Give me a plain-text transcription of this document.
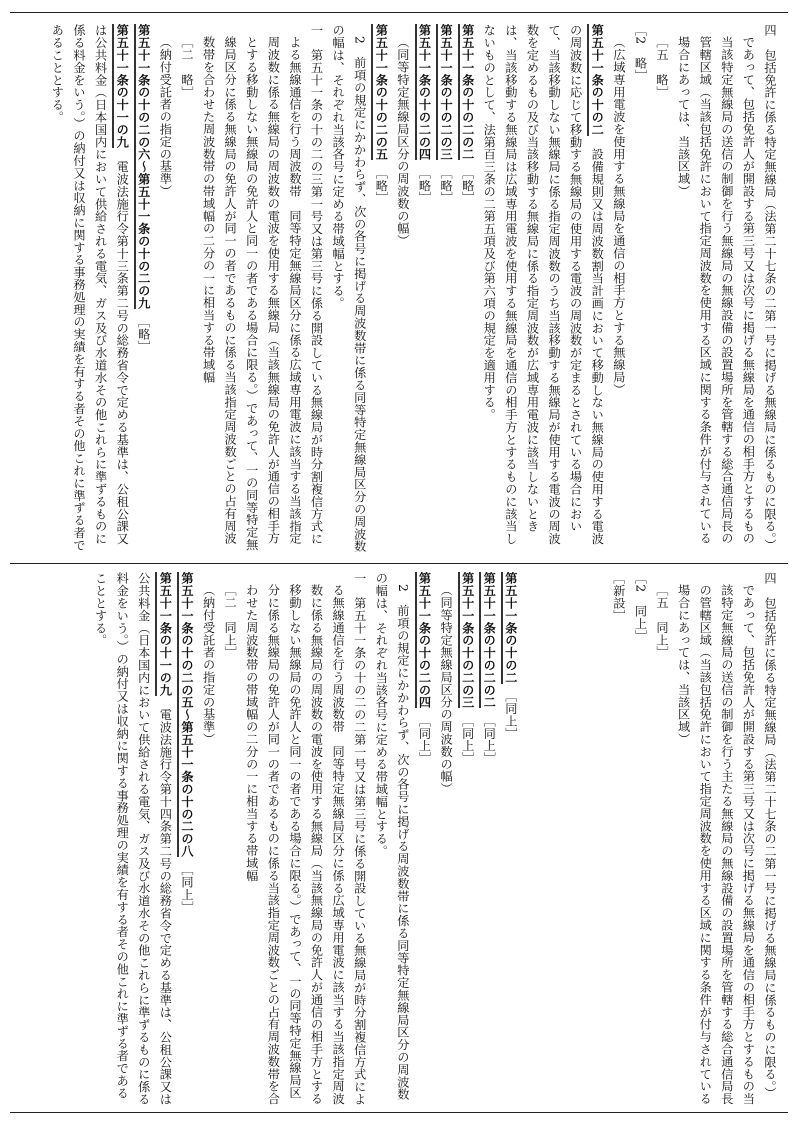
四　包括免許に係る特定無線局（法第二十七条の二第一号に掲げる無線局に係るものに限る。）であって、包括免許人が開設する第三号又は次号に掲げる無線局を通信の相手方とするもの当該特定無線局の送信の制御を行う無線局の無線設備の設置場所を管轄する総合通信局長の管轄区域（当該包括免許において指定周波数を使用する区域に関する条件が付与されている場合にあっては、当該区域）

［五　略］

［2　略］

（広域専用電波を使用する無線局を通信の相手方とする無線局）

第五十一条の十の二　設備規則又は周波数割当計画において移動しない無線局の使用する電波の周波数に応じて移動する無線局の使用する電波の周波数が定まるとされている場合において、当該移動しない無線局に係る指定周波数のうち当該移動する無線局が使用する電波の周波数を定めるもの及び当該移動する無線局に係る指定周波数が広域専用電波に該当しないときは、当該移動する無線局は広域専用電波を使用する無線局を通信の相手方とするものに該当しないものとして、法第百三条の二第五項及び第六項の規定を適用する。

第五十一条の十の二の二　［略］

第五十一条の十の二の三　［略］

第五十一条の十の二の四　［略］

（同等特定無線局区分の周波数の幅）

第五十一条の十の二の五　［略］

2　前項の規定にかかわらず、次の各号に掲げる周波数帯に係る同等特定無線局区分の周波数の幅は、それぞれ当該各号に定める帯域幅とする。

一　第五十一条の十の二の三第一号又は第三号に係る開設している無線局が時分割複信方式による無線通信を行う周波数帯　同等特定無線局区分に係る広域専用電波に該当する当該指定周波数に係る無線局の周波数の電波を使用する無線局（当該無線局の免許人が通信の相手方とする移動しない無線局の免許人と同一の者である場合に限る。）であって、一の同等特定無線局区分に係る無線局の免許人が同一の者であるものに係る当該指定周波数ごとの占有周波数帯を合わせた周波数帯の帯域幅の二分の一に相当する帯域幅

［二　略］

（納付受託者の指定の基準）

第五十一条の十の二の六～第五十一条の十の二の九　［略］

第五十一条の十一の九　電波法施行令第十三条第二号の総務省令で定める基準は、公租公課又は公共料金（日本国内において供給される電気、ガス及び水道水その他これらに準ずるものに係る料金をいう。）の納付又は収納に関する事務処理の実績を有する者その他これに準ずる者であることとする。

四　包括免許に係る特定無線局（法第二十七条の二第一号に掲げる無線局に係るものに限る。）であって、包括免許人が開設する第三号又は次号に掲げる無線局を通信の相手方とするもの当該特定無線局の送信の制御を行う主たる無線局の無線設備の設置場所を管轄する総合通信局長の管轄区域（当該包括免許において指定周波数を使用する区域に関する条件が付与されている場合にあっては、当該区域）

［五　同上］

［2　同上］

［新設］

第五十一条の十の二　［同上］

第五十一条の十の二の二　［同上］

第五十一条の十の二の三　［同上］

（同等特定無線局区分の周波数の幅）

第五十一条の十の二の四　［同上］

2　前項の規定にかかわらず、次の各号に掲げる周波数帯に係る同等特定無線局区分の周波数の幅は、それぞれ当該各号に定める帯域幅とする。

一　第五十一条の十の二の二第一号又は第三号に係る開設している無線局が時分割複信方式による無線通信を行う周波数帯　同等特定無線局区分に係る広域専用電波に該当する当該指定周波数に係る無線局の周波数の電波を使用する無線局（当該無線局の免許人が通信の相手方とする移動しない無線局の免許人と同一の者である場合に限る。）であって、一の同等特定無線局区分に係る無線局の免許人が同一の者であるものに係る当該指定周波数ごとの占有周波数帯を合わせた周波数帯の帯域幅の二分の一に相当する帯域幅

［二　同上］

（納付受託者の指定の基準）

第五十一条の十の二の五～第五十一条の十の二の八　［同上］

第五十一条の十一の九　電波法施行令第十四条第二号の総務省令で定める基準は、公租公課又は公共料金（日本国内において供給される電気、ガス及び水道水その他これらに準ずるものに係る料金をいう。）の納付又は収納に関する事務処理の実績を有する者その他これに準ずる者であることとする。
